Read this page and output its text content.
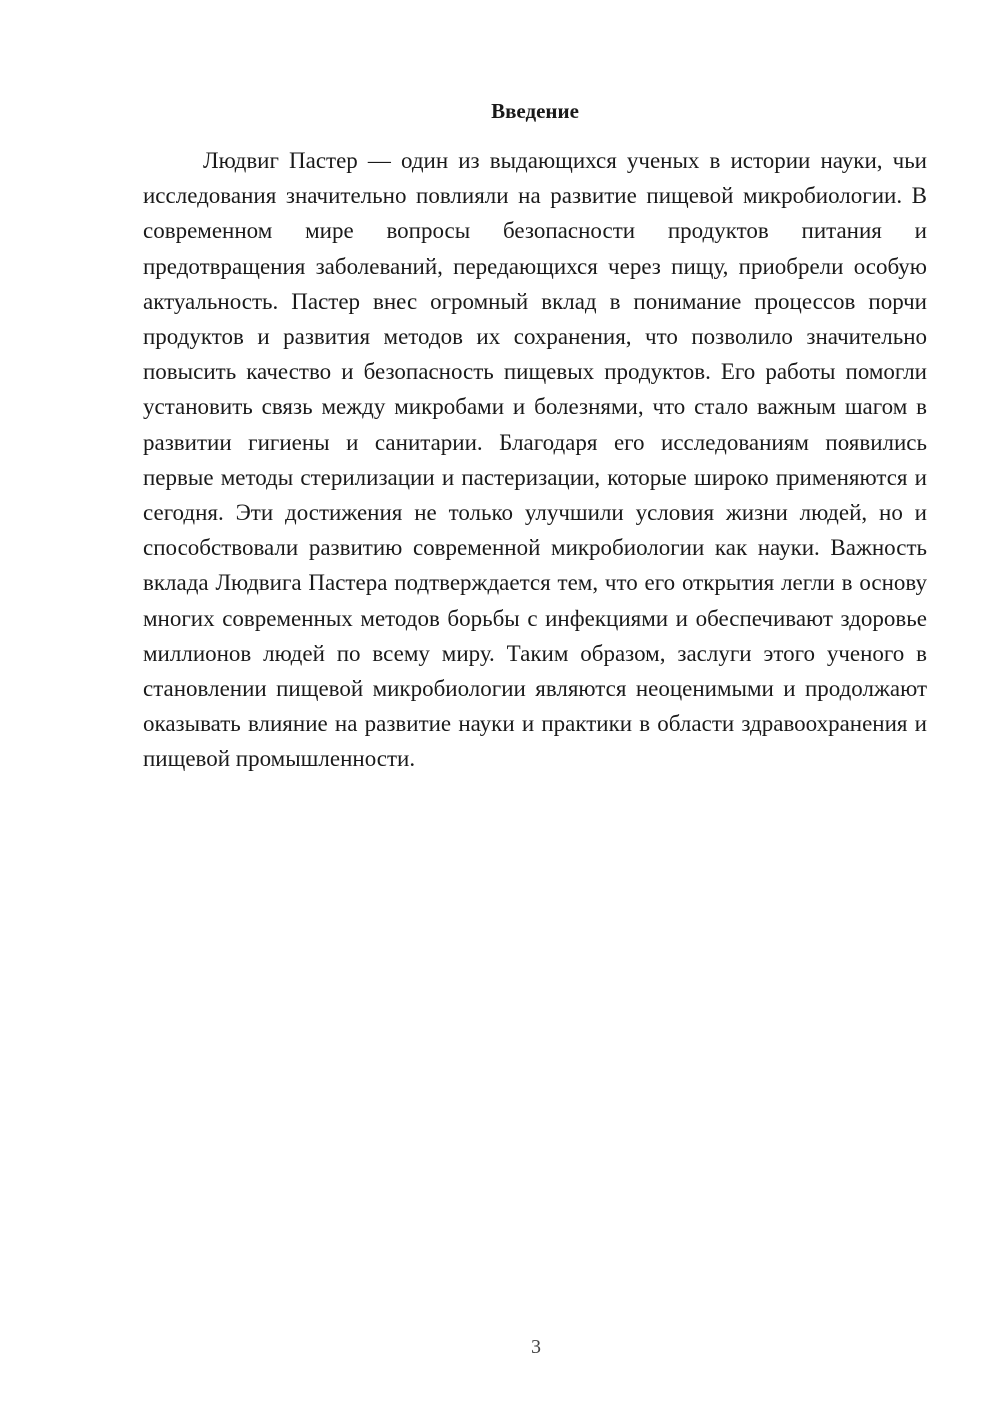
Введение

Людвиг Пастер — один из выдающихся ученых в истории науки, чьи исследования значительно повлияли на развитие пищевой микробиологии. В современном мире вопросы безопасности продуктов питания и предотвращения заболеваний, передающихся через пищу, приобрели особую актуальность. Пастер внес огромный вклад в понимание процессов порчи продуктов и развития методов их сохранения, что позволило значительно повысить качество и безопасность пищевых продуктов. Его работы помогли установить связь между микробами и болезнями, что стало важным шагом в развитии гигиены и санитарии. Благодаря его исследованиям появились первые методы стерилизации и пастеризации, которые широко применяются и сегодня. Эти достижения не только улучшили условия жизни людей, но и способствовали развитию современной микробиологии как науки. Важность вклада Людвига Пастера подтверждается тем, что его открытия легли в основу многих современных методов борьбы с инфекциями и обеспечивают здоровье миллионов людей по всему миру. Таким образом, заслуги этого ученого в становлении пищевой микробиологии являются неоценимыми и продолжают оказывать влияние на развитие науки и практики в области здравоохранения и пищевой промышленности.

3
